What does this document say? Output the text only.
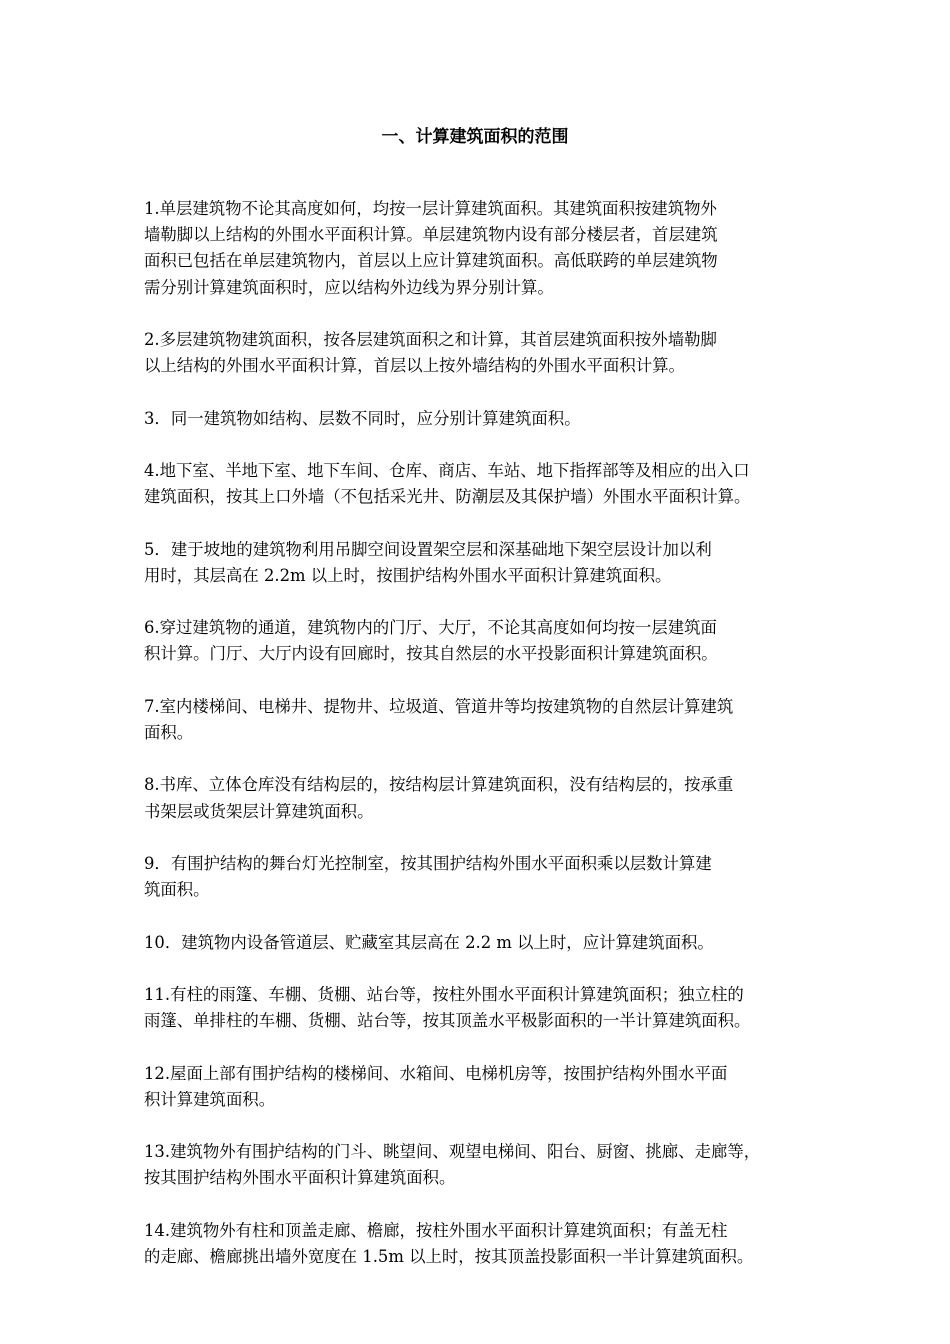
一、计算建筑面积的范围

1.单层建筑物不论其高度如何，均按一层计算建筑面积。其建筑面积按建筑物外
墙勒脚以上结构的外围水平面积计算。单层建筑物内设有部分楼层者，首层建筑
面积已包括在单层建筑物内，首层以上应计算建筑面积。高低联跨的单层建筑物
需分别计算建筑面积时，应以结构外边线为界分别计算。

2.多层建筑物建筑面积，按各层建筑面积之和计算，其首层建筑面积按外墙勒脚
以上结构的外围水平面积计算，首层以上按外墙结构的外围水平面积计算。

3．同一建筑物如结构、层数不同时，应分别计算建筑面积。

4.地下室、半地下室、地下车间、仓库、商店、车站、地下指挥部等及相应的出入口
建筑面积，按其上口外墙（不包括采光井、防潮层及其保护墙）外围水平面积计算。

5．建于坡地的建筑物利用吊脚空间设置架空层和深基础地下架空层设计加以利
用时，其层高在 2.2m 以上时，按围护结构外围水平面积计算建筑面积。

6.穿过建筑物的通道，建筑物内的门厅、大厅，不论其高度如何均按一层建筑面
积计算。门厅、大厅内设有回廊时，按其自然层的水平投影面积计算建筑面积。

7.室内楼梯间、电梯井、提物井、垃圾道、管道井等均按建筑物的自然层计算建筑
面积。

8.书库、立体仓库没有结构层的，按结构层计算建筑面积，没有结构层的，按承重
书架层或货架层计算建筑面积。

9．有围护结构的舞台灯光控制室，按其围护结构外围水平面积乘以层数计算建
筑面积。

10．建筑物内设备管道层、贮藏室其层高在 2.2 m 以上时，应计算建筑面积。

11.有柱的雨篷、车棚、货棚、站台等，按柱外围水平面积计算建筑面积；独立柱的
雨篷、单排柱的车棚、货棚、站台等，按其顶盖水平极影面积的一半计算建筑面积。

12.屋面上部有围护结构的楼梯间、水箱间、电梯机房等，按围护结构外围水平面
积计算建筑面积。

13.建筑物外有围护结构的门斗、眺望间、观望电梯间、阳台、厨窗、挑廊、走廊等，
按其围护结构外围水平面积计算建筑面积。

14.建筑物外有柱和顶盖走廊、檐廊，按柱外围水平面积计算建筑面积；有盖无柱
的走廊、檐廊挑出墙外宽度在 1.5m 以上时，按其顶盖投影面积一半计算建筑面积。
